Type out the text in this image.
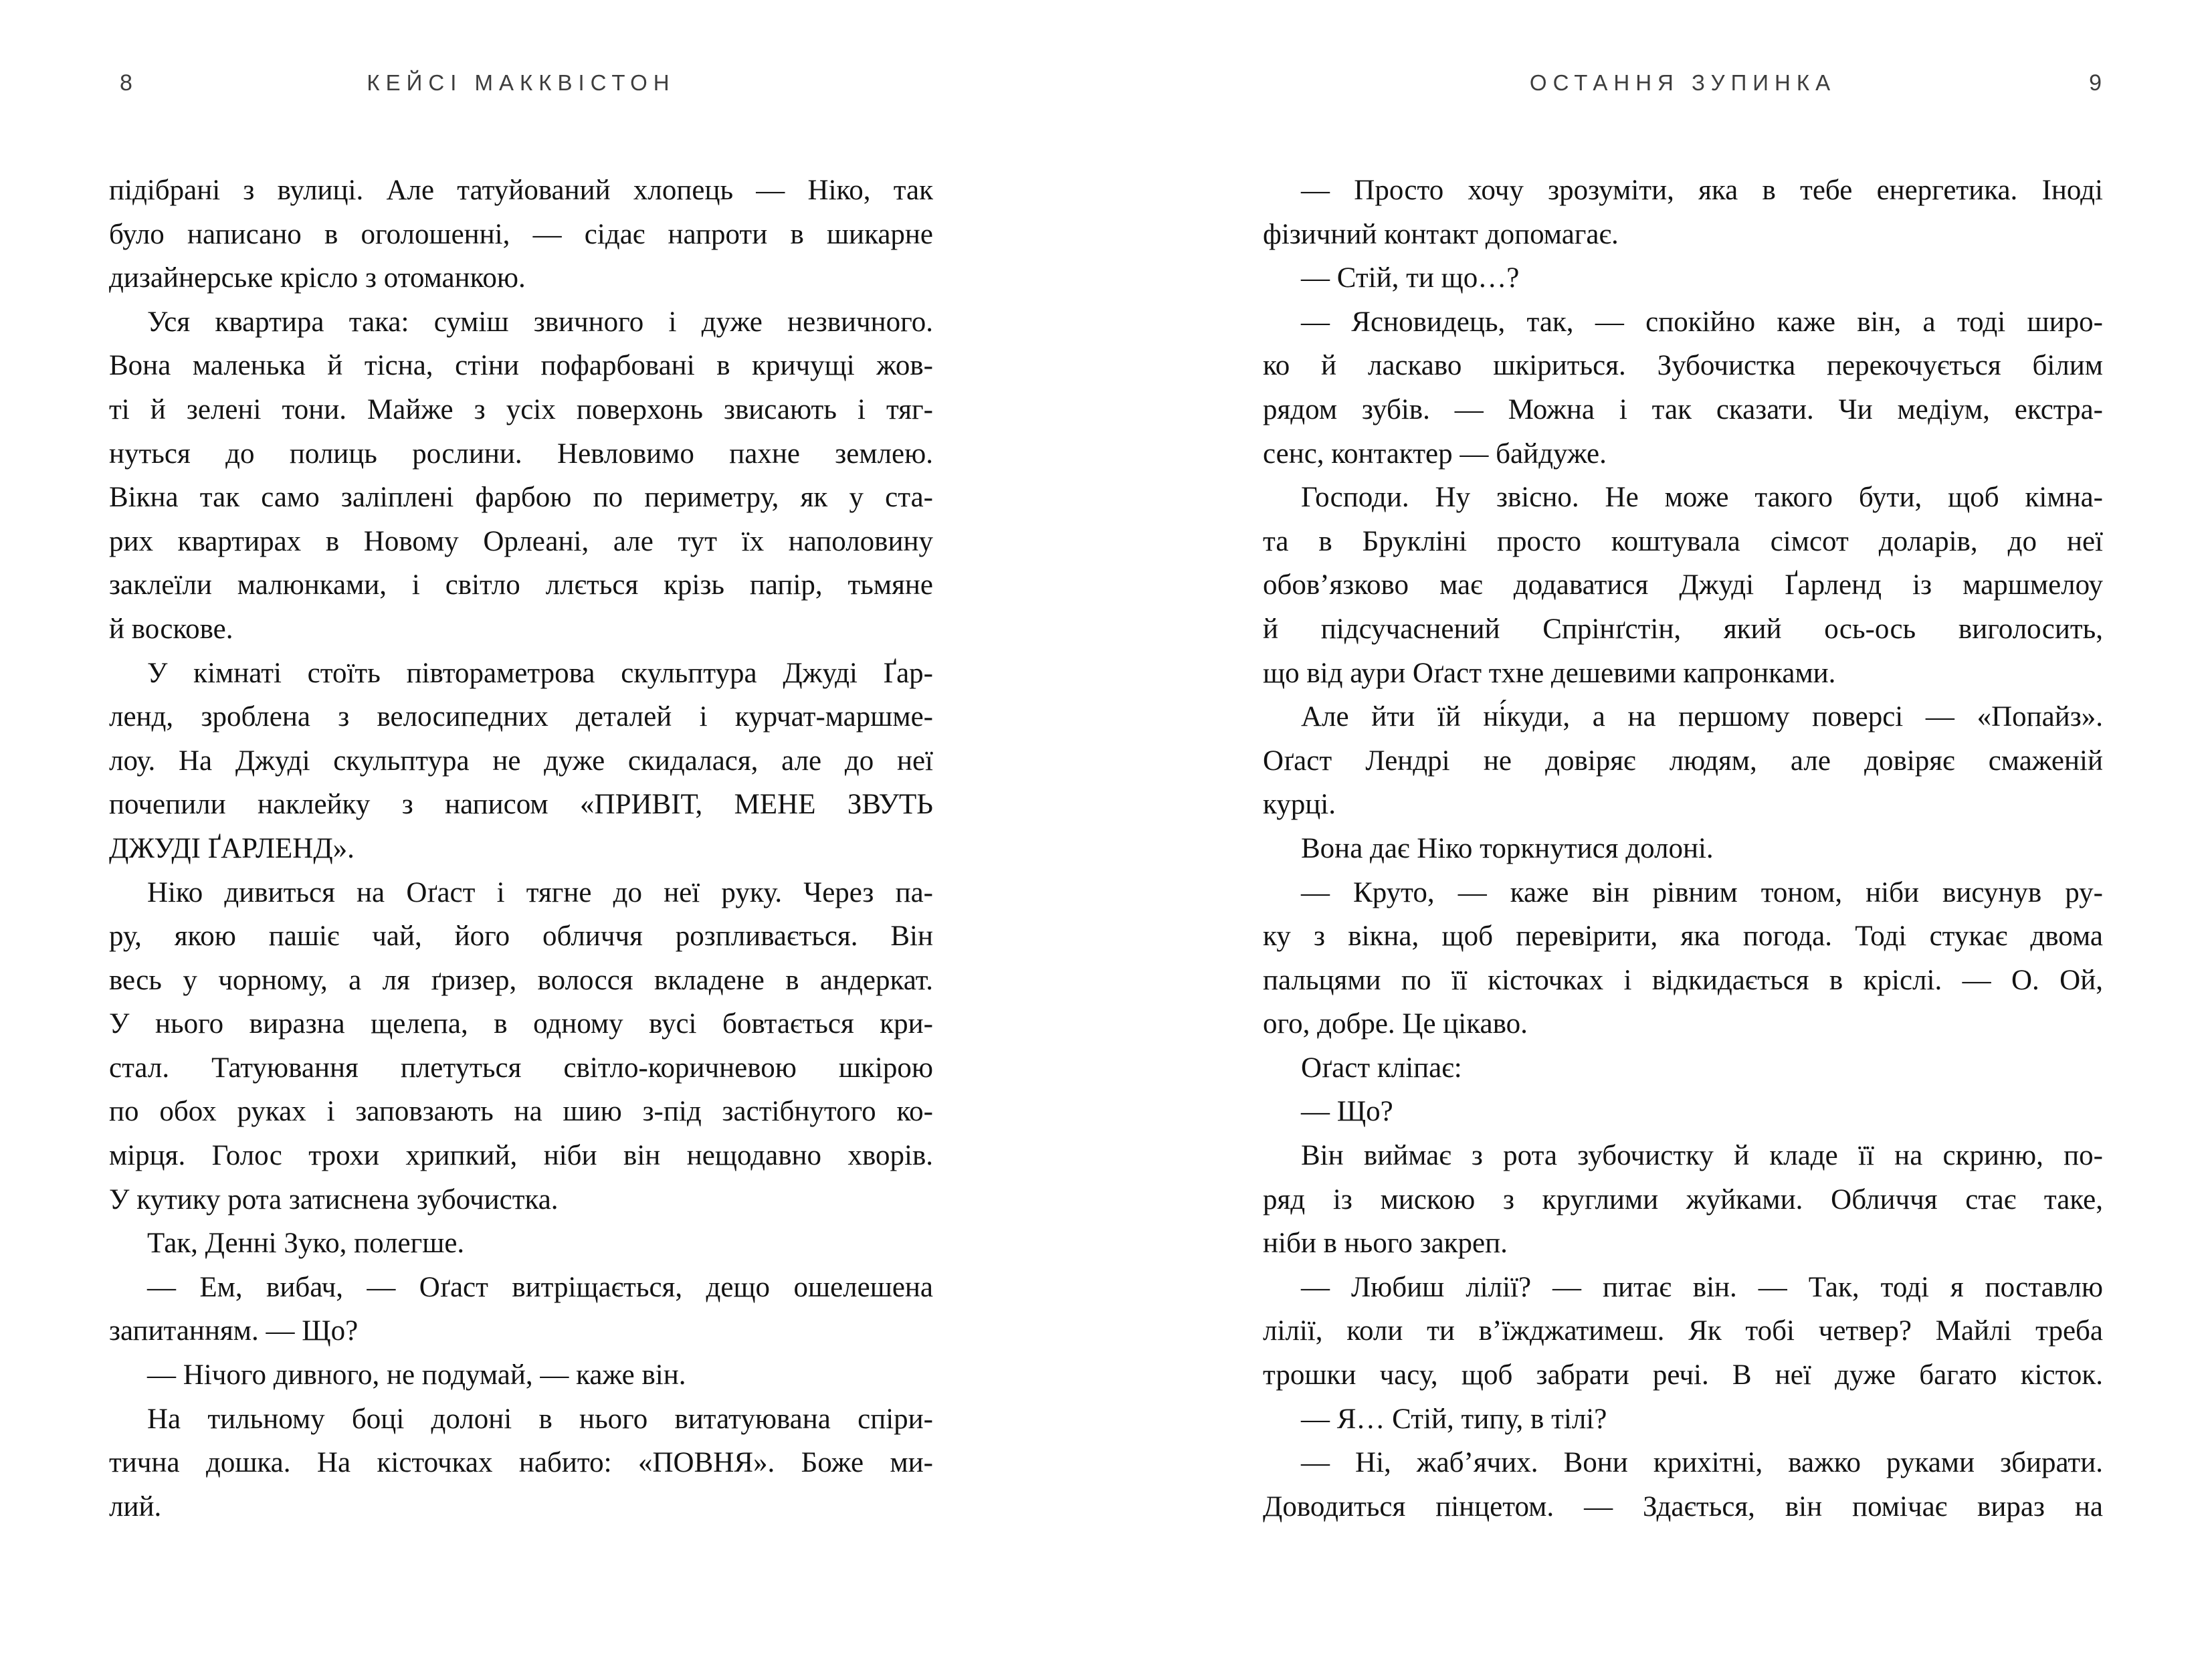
8	КЕЙСІ МАККВІСТОН
підібрані з вулиці. Але татуйований хлопець — Ніко, так
було написано в оголошенні, — сідає напроти в шикарне
дизайнерське крісло з отоманкою.
Уся квартира така: суміш звичного і дуже незвичного.
Вона маленька й тісна, стіни пофарбовані в кричущі жов-
ті й зелені тони. Майже з усіх поверхонь звисають і тяг-
нуться до полиць рослини. Невловимо пахне землею.
Вікна так само заліплені фарбою по периметру, як у ста-
рих квартирах в Новому Орлеані, але тут їх наполовину
заклеїли малюнками, і світло ллється крізь папір, тьмяне
й воскове.
У кімнаті стоїть півтораметрова скульптура Джуді Ґар-
ленд, зроблена з велосипедних деталей і курчат-маршме-
лоу. На Джуді скульптура не дуже скидалася, але до неї
почепили наклейку з написом «ПРИВІТ, МЕНЕ ЗВУТЬ
ДЖУДІ ҐАРЛЕНД».
Ніко дивиться на Оґаст і тягне до неї руку. Через па-
ру, якою пашіє чай, його обличчя розпливається. Він
весь у чорному, а ля ґризер, волосся вкладене в андеркат.
У нього виразна щелепа, в одному вусі бовтається кри-
стал. Татуювання плетуться світло-коричневою шкірою
по обох руках і заповзають на шию з-під застібнутого ко-
мірця. Голос трохи хрипкий, ніби він нещодавно хворів.
У кутику рота затиснена зубочистка.
Так, Денні Зуко, полегше.
— Ем, вибач, — Оґаст витріщається, дещо ошелешена
запитанням. — Що?
— Нічого дивного, не подумай, — каже він.
На тильному боці долоні в нього витатуювана спіри-
тична дошка. На кісточках набито: «ПОВНЯ». Боже ми-
лий.
ОСТАННЯ ЗУПИНКА	9
— Просто хочу зрозуміти, яка в тебе енергетика. Іноді
фізичний контакт допомагає.
— Стій, ти що…?
— Ясновидець, так, — спокійно каже він, а тоді широ-
ко й ласкаво шкіриться. Зубочистка перекочується білим
рядом зубів. — Можна і так сказати. Чи медіум, екстра-
сенс, контактер — байдуже.
Господи. Ну звісно. Не може такого бути, щоб кімна-
та в Брукліні просто коштувала сімсот доларів, до неї
обов’язково має додаватися Джуді Ґарленд із маршмелоу
й підсучаснений Спрінґстін, який ось-ось виголосить,
що від аури Оґаст тхне дешевими капронками.
Але йти їй ні́куди, а на першому поверсі — «Попайз».
Оґаст Лендрі не довіряє людям, але довіряє смаженій
курці.
Вона дає Ніко торкнутися долоні.
— Круто, — каже він рівним тоном, ніби висунув ру-
ку з вікна, щоб перевірити, яка погода. Тоді стукає двома
пальцями по її кісточках і відкидається в кріслі. — О. Ой,
ого, добре. Це цікаво.
Оґаст кліпає:
— Що?
Він виймає з рота зубочистку й кладе її на скриню, по-
ряд із мискою з круглими жуйками. Обличчя стає таке,
ніби в нього закреп.
— Любиш лілії? — питає він. — Так, тоді я поставлю
лілії, коли ти в’їжджатимеш. Як тобі четвер? Майлі треба
трошки часу, щоб забрати речі. В неї дуже багато кісток.
— Я… Стій, типу, в тілі?
— Ні, жаб’ячих. Вони крихітні, важко руками збирати.
Доводиться пінцетом. — Здається, він помічає вираз на
